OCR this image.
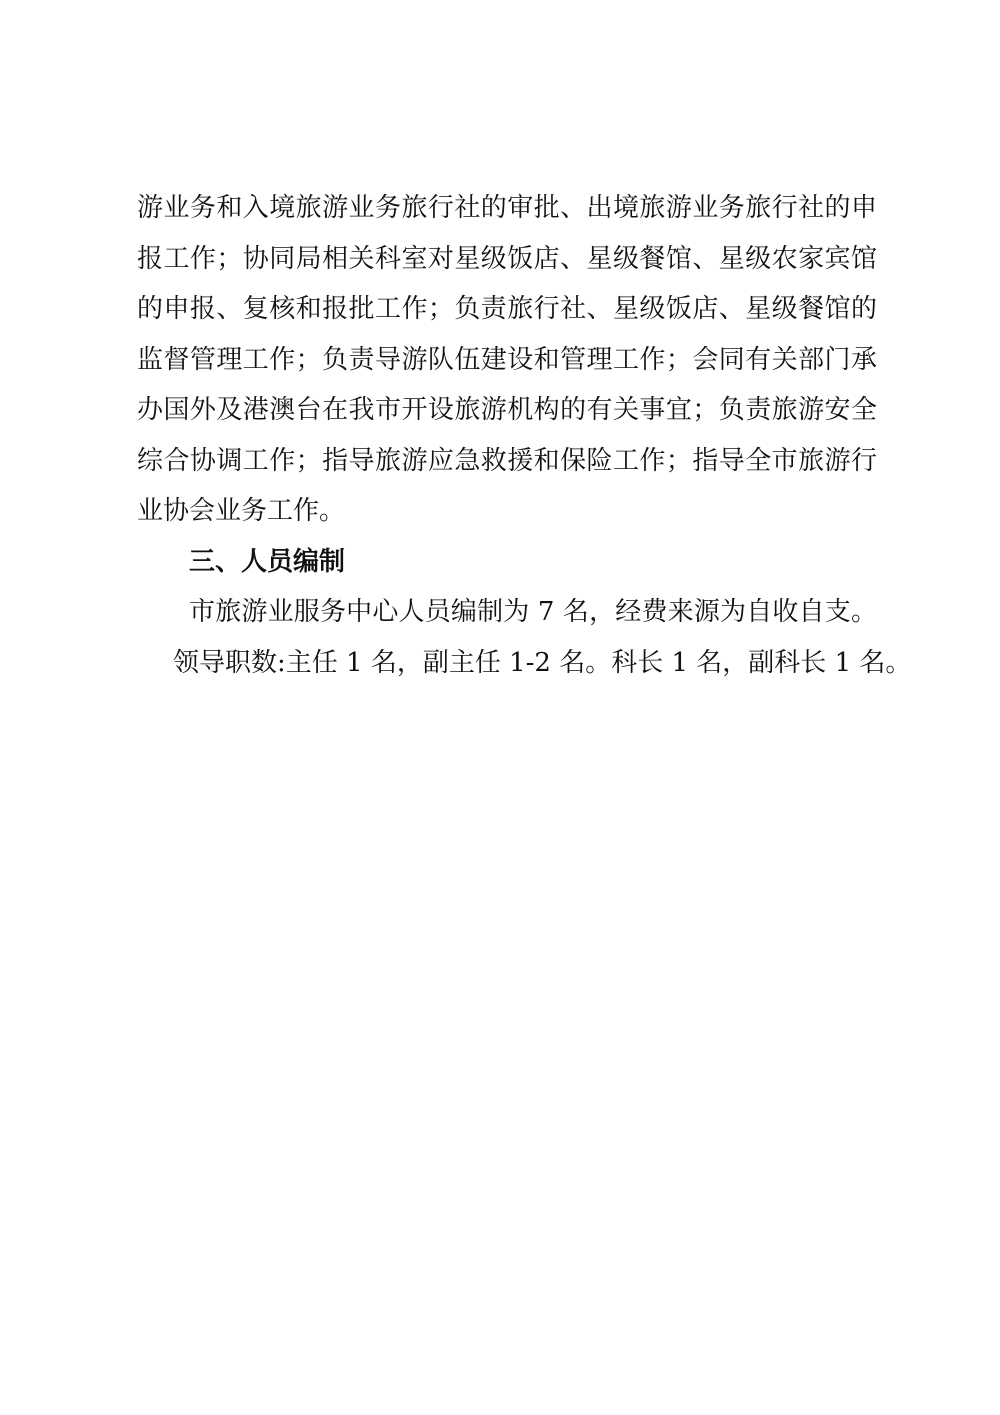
游业务和入境旅游业务旅行社的审批、出境旅游业务旅行社的申
报工作；协同局相关科室对星级饭店、星级餐馆、星级农家宾馆
的申报、复核和报批工作；负责旅行社、星级饭店、星级餐馆的
监督管理工作；负责导游队伍建设和管理工作；会同有关部门承
办国外及港澳台在我市开设旅游机构的有关事宜；负责旅游安全
综合协调工作；指导旅游应急救援和保险工作；指导全市旅游行
业协会业务工作。
三、人员编制
市旅游业服务中心人员编制为 7 名，经费来源为自收自支。
领导职数:主任 1 名，副主任 1-2 名。科长 1 名，副科长 1 名。
